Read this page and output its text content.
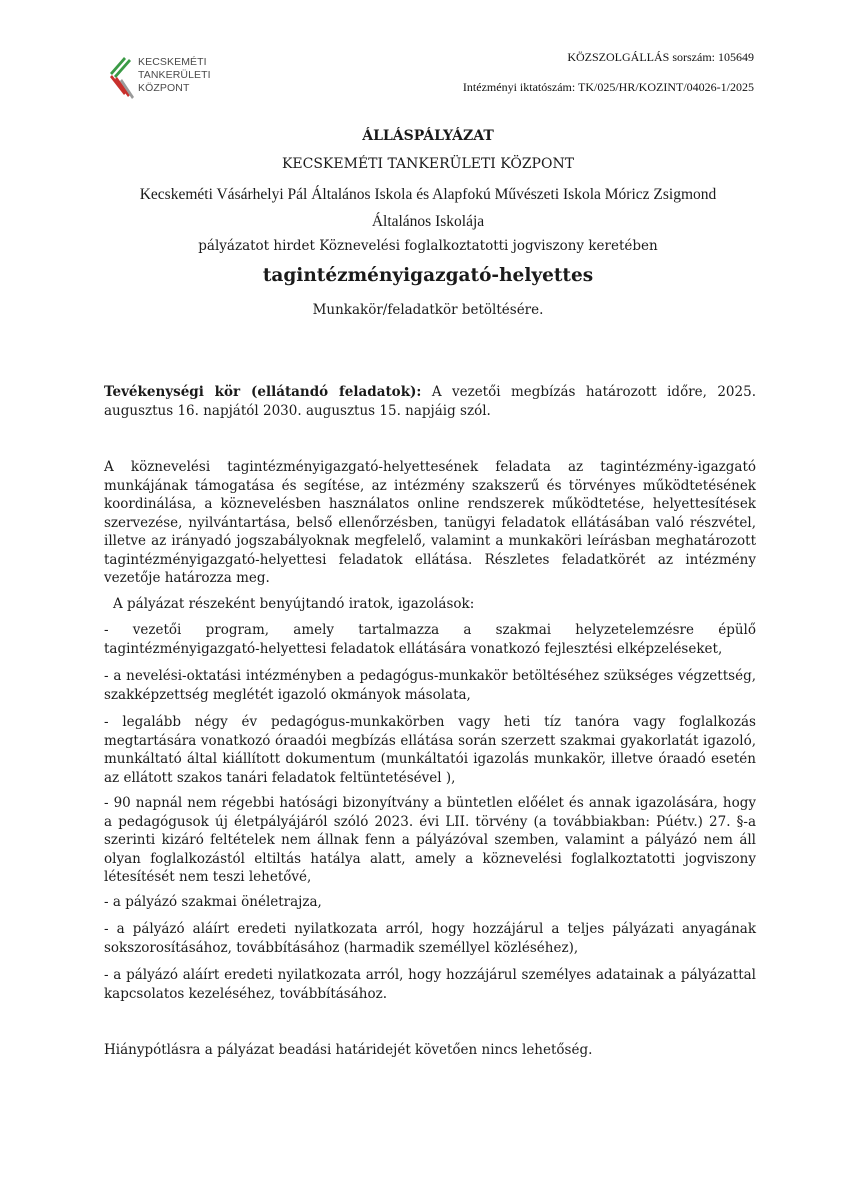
KECSKEMÉTI
TANKERÜLETI
KÖZPONT
KÖZSZOLGÁLLÁS sorszám: 105649
Intézményi iktatószám: TK/025/HR/KOZINT/04026-1/2025
ÁLLÁSPÁLYÁZAT
KECSKEMÉTI TANKERÜLETI KÖZPONT
Kecskeméti Vásárhelyi Pál Általános Iskola és Alapfokú Művészeti Iskola Móricz Zsigmond
Általános Iskolája
pályázatot hirdet Köznevelési foglalkoztatotti jogviszony keretében
tagintézményigazgató-helyettes
Munkakör/feladatkör betöltésére.
Tevékenységi kör (ellátandó feladatok): A vezetői megbízás határozott időre, 2025. augusztus 16. napjától 2030. augusztus 15. napjáig szól.
A köznevelési tagintézményigazgató-helyettesének feladata az tagintézmény-igazgató munkájának támogatása és segítése, az intézmény szakszerű és törvényes működtetésének koordinálása, a köznevelésben használatos online rendszerek működtetése, helyettesítések szervezése, nyilvántartása, belső ellenőrzésben, tanügyi feladatok ellátásában való részvétel, illetve az irányadó jogszabályoknak megfelelő, valamint a munkaköri leírásban meghatározott tagintézményigazgató-helyettesi feladatok ellátása. Részletes feladatkörét az intézmény vezetője határozza meg.
A pályázat részeként benyújtandó iratok, igazolások:
- vezetői program, amely tartalmazza a szakmai helyzetelemzésre épülő tagintézményigazgató-helyettesi feladatok ellátására vonatkozó fejlesztési elképzeléseket,
- a nevelési-oktatási intézményben a pedagógus-munkakör betöltéséhez szükséges végzettség, szakképzettség meglétét igazoló okmányok másolata,
- legalább négy év pedagógus-munkakörben vagy heti tíz tanóra vagy foglalkozás megtartására vonatkozó óraadói megbízás ellátása során szerzett szakmai gyakorlatát igazoló, munkáltató által kiállított dokumentum (munkáltatói igazolás munkakör, illetve óraadó esetén az ellátott szakos tanári feladatok feltüntetésével ),
- 90 napnál nem régebbi hatósági bizonyítvány a büntetlen előélet és annak igazolására, hogy a pedagógusok új életpályájáról szóló 2023. évi LII. törvény (a továbbiakban: Púétv.) 27. §-a szerinti kizáró feltételek nem állnak fenn a pályázóval szemben, valamint a pályázó nem áll olyan foglalkozástól eltiltás hatálya alatt, amely a köznevelési foglalkoztatotti jogviszony létesítését nem teszi lehetővé,
- a pályázó szakmai önéletrajza,
- a pályázó aláírt eredeti nyilatkozata arról, hogy hozzájárul a teljes pályázati anyagának sokszorosításához, továbbításához (harmadik személlyel közléséhez),
- a pályázó aláírt eredeti nyilatkozata arról, hogy hozzájárul személyes adatainak a pályázattal kapcsolatos kezeléséhez, továbbításához.
Hiánypótlásra a pályázat beadási határidejét követően nincs lehetőség.
